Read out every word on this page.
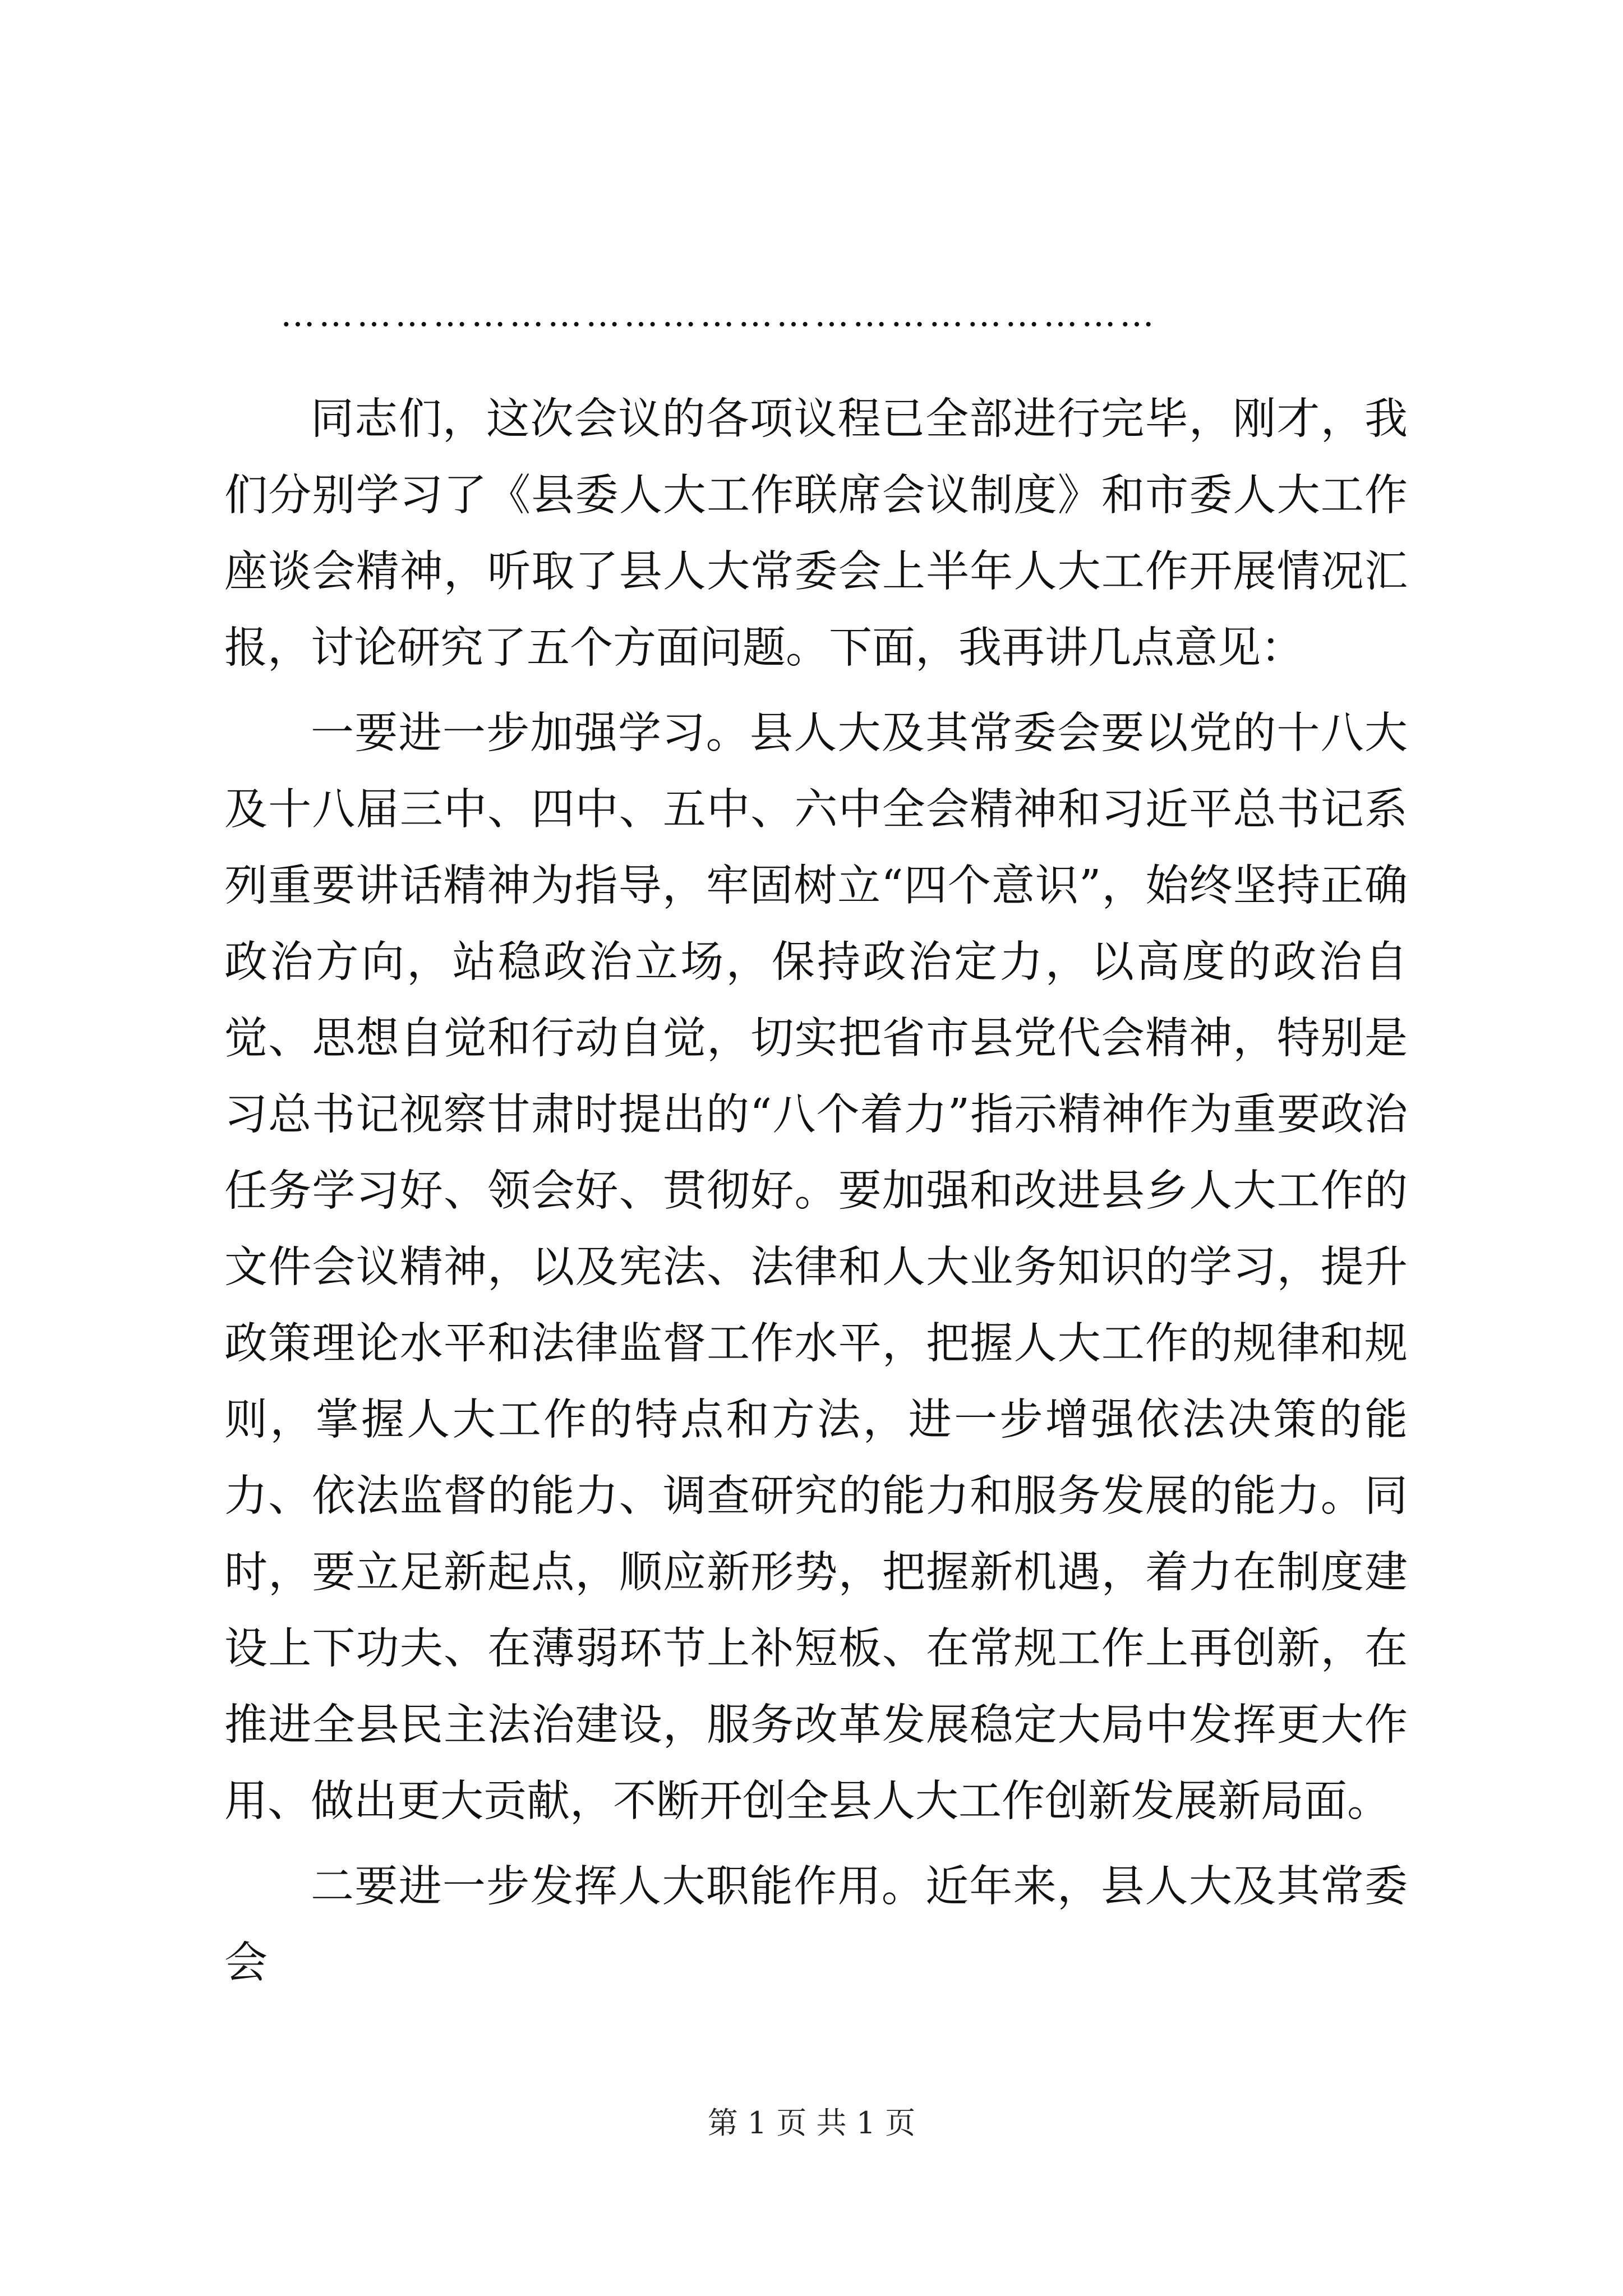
……………………………………………………………

同志们，这次会议的各项议程已全部进行完毕，刚才，我们分别学习了《县委人大工作联席会议制度》和市委人大工作座谈会精神，听取了县人大常委会上半年人大工作开展情况汇报，讨论研究了五个方面问题。下面，我再讲几点意见：

一要进一步加强学习。县人大及其常委会要以党的十八大及十八届三中、四中、五中、六中全会精神和习近平总书记系列重要讲话精神为指导，牢固树立“四个意识”，始终坚持正确政治方向，站稳政治立场，保持政治定力，以高度的政治自觉、思想自觉和行动自觉，切实把省市县党代会精神，特别是习总书记视察甘肃时提出的“八个着力”指示精神作为重要政治任务学习好、领会好、贯彻好。要加强和改进县乡人大工作的文件会议精神，以及宪法、法律和人大业务知识的学习，提升政策理论水平和法律监督工作水平，把握人大工作的规律和规则，掌握人大工作的特点和方法，进一步增强依法决策的能力、依法监督的能力、调查研究的能力和服务发展的能力。同时，要立足新起点，顺应新形势，把握新机遇，着力在制度建设上下功夫、在薄弱环节上补短板、在常规工作上再创新，在推进全县民主法治建设，服务改革发展稳定大局中发挥更大作用、做出更大贡献，不断开创全县人大工作创新发展新局面。

二要进一步发挥人大职能作用。近年来，县人大及其常委会

第 1 页 共 1 页
